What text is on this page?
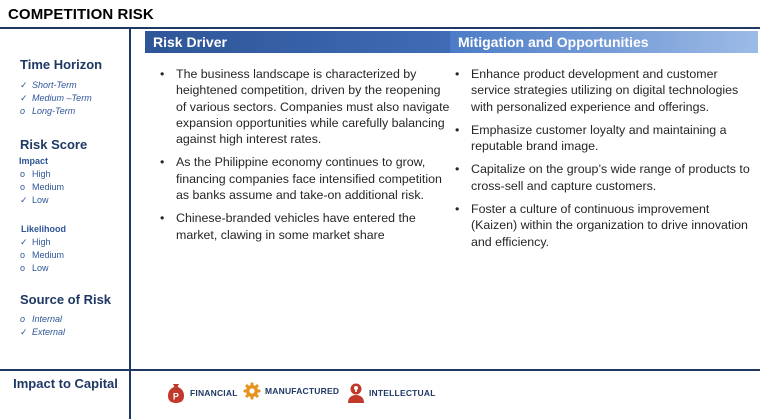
COMPETITION RISK
Time Horizon
✓ Short-Term
✓ Medium –Term
o Long-Term
Risk Score
Impact
o High
o Medium
✓ Low
Likelihood
✓ High
o Medium
o Low
Source of Risk
o Internal
✓ External
Risk Driver	Mitigation and Opportunities
• The business landscape is characterized by heightened competition, driven by the reopening of various sectors. Companies must also navigate expansion opportunities while carefully balancing against high interest rates.
• As the Philippine economy continues to grow, financing companies face intensified competition as banks assume and take-on additional risk.
• Chinese-branded vehicles have entered the market, clawing in some market share
• Enhance product development and customer service strategies utilizing on digital technologies with personalized experience and offerings.
• Emphasize customer loyalty and maintaining a reputable brand image.
• Capitalize on the group’s wide range of products to cross-sell and capture customers.
• Foster a culture of continuous improvement (Kaizen) within the organization to drive innovation and efficiency.
Impact to Capital
P FINANCIAL	MANUFACTURED	INTELLECTUAL
